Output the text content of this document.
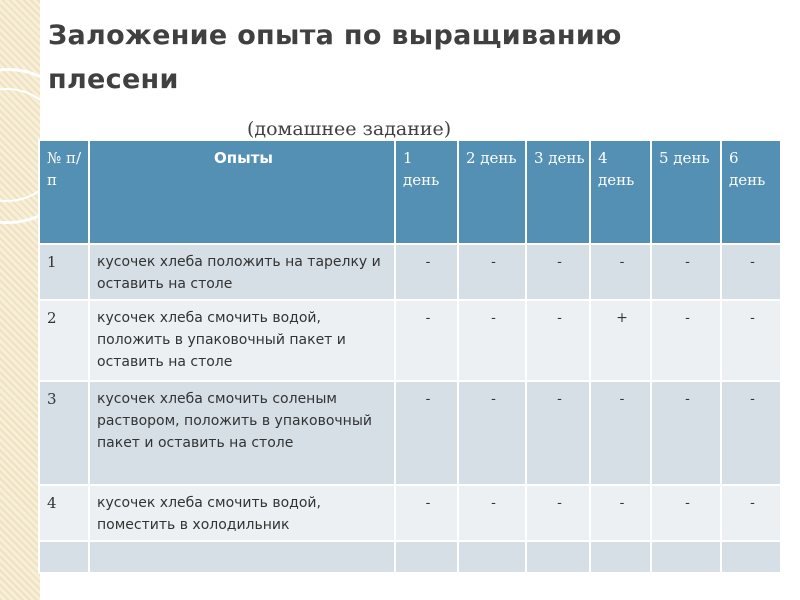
Заложение опыта по выращиванию плесени
(домашнее задание)
№ п/п	Опыты	1 день	2 день	3 день	4 день	5 день	6 день
1	кусочек хлеба положить на тарелку и оставить на столе	-	-	-	-	-	-
2	кусочек хлеба смочить водой, положить в упаковочный пакет и оставить на столе	-	-	-	+	-	-
3	кусочек хлеба смочить соленым раствором, положить в упаковочный пакет и оставить на столе	-	-	-	-	-	-
4	кусочек хлеба смочить водой, поместить в холодильник	-	-	-	-	-	-
